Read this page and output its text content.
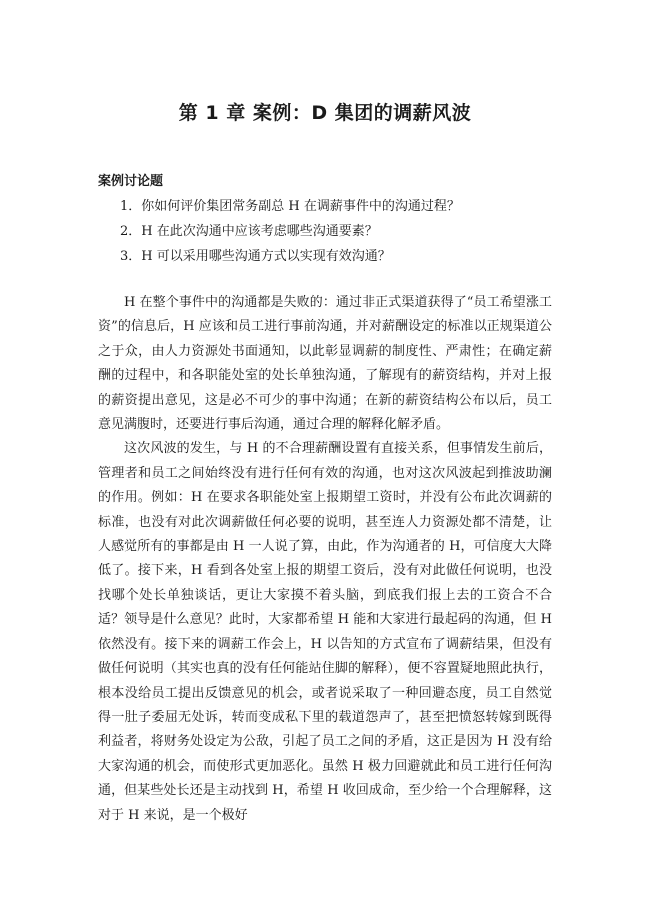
第 1 章 案例：D 集团的调薪风波
案例讨论题
1．你如何评价集团常务副总 H 在调薪事件中的沟通过程？
2．H 在此次沟通中应该考虑哪些沟通要素？
3．H 可以采用哪些沟通方式以实现有效沟通？

H 在整个事件中的沟通都是失败的：通过非正式渠道获得了“员工希望涨工资”的信息后，H 应该和员工进行事前沟通，并对薪酬设定的标准以正规渠道公之于众，由人力资源处书面通知，以此彰显调薪的制度性、严肃性；在确定薪酬的过程中，和各职能处室的处长单独沟通，了解现有的薪资结构，并对上报的薪资提出意见，这是必不可少的事中沟通；在新的薪资结构公布以后，员工意见满腹时，还要进行事后沟通，通过合理的解释化解矛盾。

这次风波的发生，与 H 的不合理薪酬设置有直接关系，但事情发生前后，管理者和员工之间始终没有进行任何有效的沟通，也对这次风波起到推波助澜的作用。例如：H 在要求各职能处室上报期望工资时，并没有公布此次调薪的标准，也没有对此次调薪做任何必要的说明，甚至连人力资源处都不清楚，让人感觉所有的事都是由 H 一人说了算，由此，作为沟通者的 H，可信度大大降低了。接下来，H 看到各处室上报的期望工资后，没有对此做任何说明，也没找哪个处长单独谈话，更让大家摸不着头脑，到底我们报上去的工资合不合适？领导是什么意见？此时，大家都希望 H 能和大家进行最起码的沟通，但 H 依然没有。接下来的调薪工作会上，H 以告知的方式宣布了调薪结果，但没有做任何说明（其实也真的没有任何能站住脚的解释），便不容置疑地照此执行，根本没给员工提出反馈意见的机会，或者说采取了一种回避态度，员工自然觉得一肚子委屈无处诉，转而变成私下里的载道怨声了，甚至把愤怒转嫁到既得利益者，将财务处设定为公敌，引起了员工之间的矛盾，这正是因为 H 没有给大家沟通的机会，而使形式更加恶化。虽然 H 极力回避就此和员工进行任何沟通，但某些处长还是主动找到 H，希望 H 收回成命，至少给一个合理解释，这对于 H 来说，是一个极好
